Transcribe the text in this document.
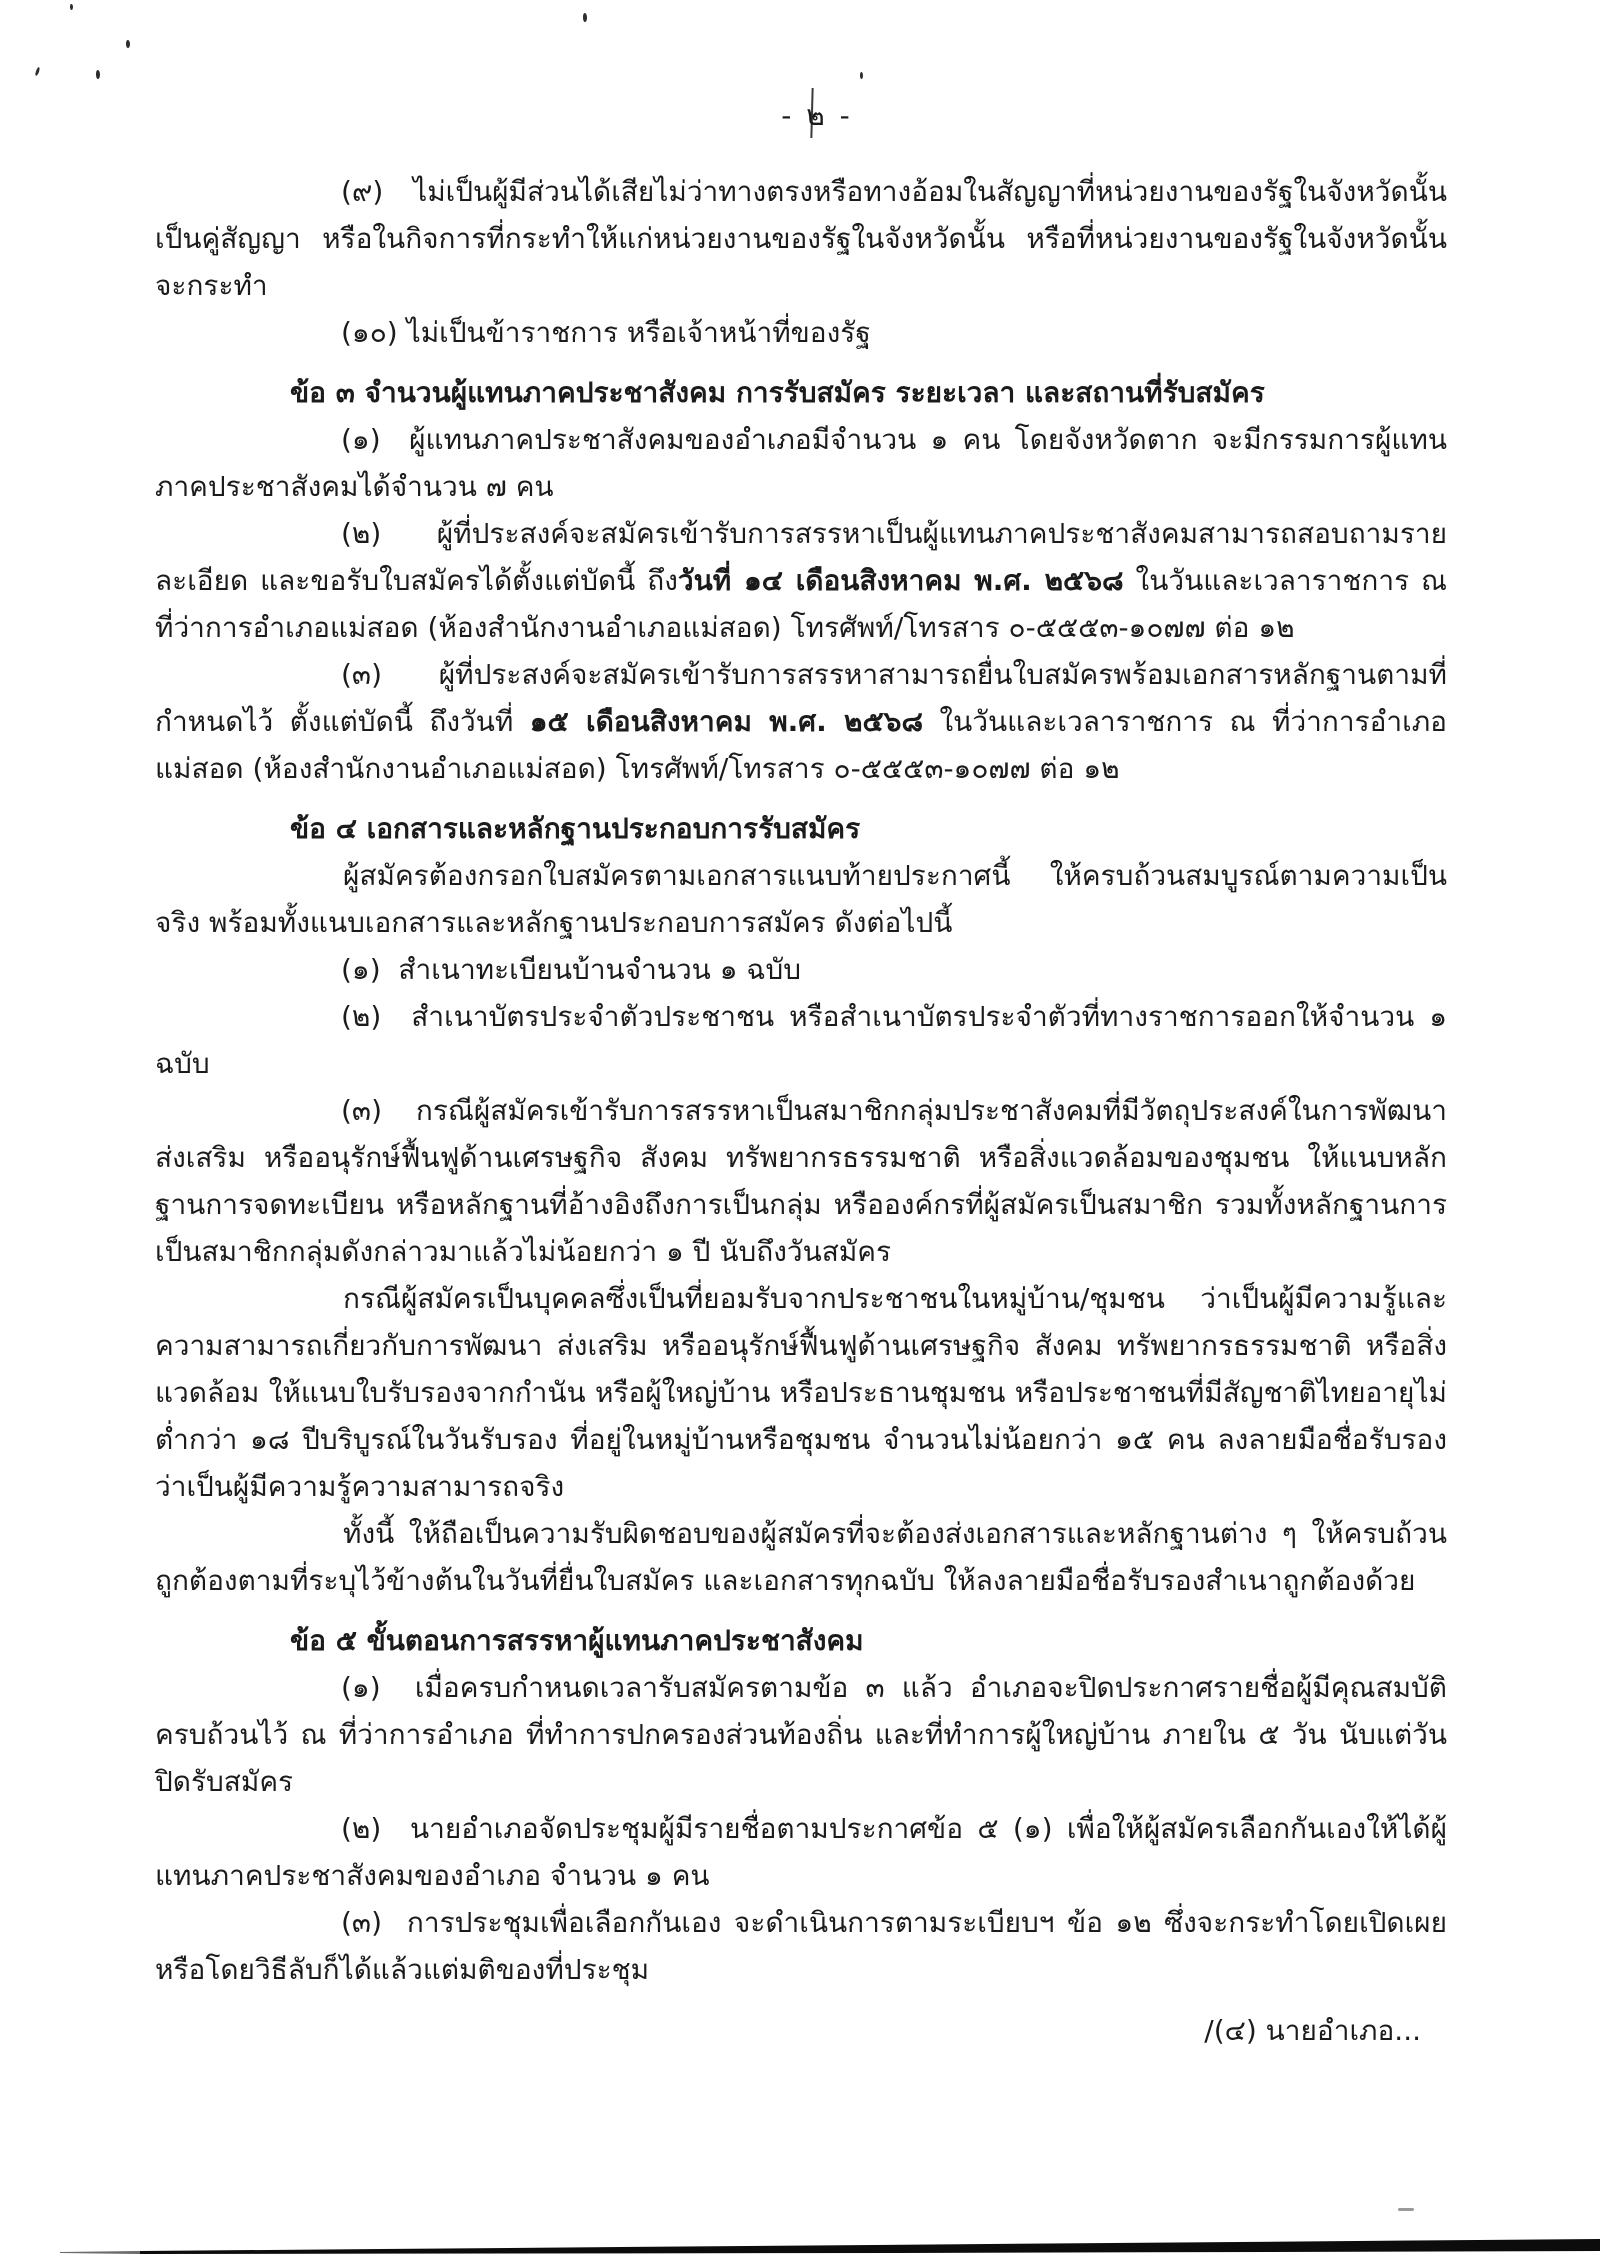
- ๒ -

(๙)  ไม่เป็นผู้มีส่วนได้เสียไม่ว่าทางตรงหรือทางอ้อมในสัญญาที่หน่วยงานของรัฐ​ในจังหวัดนั้น เป็นคู่สัญญา หรือในกิจการที่กระทำให้แก่หน่วยงานของรัฐในจังหวัดนั้น หรือที่หน่วยงานของรัฐ​ในจังหวัดนั้นจะกระทำ

(๑๐) ไม่เป็นข้าราชการ หรือเจ้าหน้าที่ของรัฐ

ข้อ ๓ จำนวนผู้แทนภาคประชาสังคม การรับสมัคร ระยะเวลา และสถานที่รับสมัคร

(๑)  ผู้แทนภาคประชาสังคมของอำเภอมีจำนวน ๑ คน โดยจังหวัดตาก จะมีกรรมการ​ผู้แทนภาคประชาสังคมได้จำนวน ๗ คน

(๒)  ผู้ที่ประสงค์จะสมัครเข้ารับการสรรหาเป็นผู้แทนภาคประชาสังคมสามารถ​สอบถามรายละเอียด และขอรับใบสมัครได้ตั้งแต่บัดนี้ ถึงวันที่ ๑๔ เดือนสิงหาคม พ.ศ. ๒๕๖๘ ในวันและ​เวลาราชการ ณ ที่ว่าการอำเภอแม่สอด (ห้องสำนักงานอำเภอแม่สอด) โทรศัพท์/โทรสาร ๐-๕๕๕๓-๑๐๗๗ ต่อ ๑๒

(๓)  ผู้ที่ประสงค์จะสมัครเข้ารับการสรรหาสามารถยื่นใบสมัครพร้อมเอกสารหลักฐาน​ตามที่กำหนดไว้ ตั้งแต่บัดนี้ ถึงวันที่ ๑๕ เดือนสิงหาคม พ.ศ. ๒๕๖๘ ในวันและเวลาราชการ ณ ที่ว่าการ​อำเภอแม่สอด (ห้องสำนักงานอำเภอแม่สอด) โทรศัพท์/โทรสาร ๐-๕๕๕๓-๑๐๗๗ ต่อ ๑๒

ข้อ ๔ เอกสารและหลักฐานประกอบการรับสมัคร

ผู้สมัครต้องกรอกใบสมัครตามเอกสารแนบท้ายประกาศนี้ ให้ครบถ้วนสมบูรณ์ตาม​ความเป็นจริง พร้อมทั้งแนบเอกสารและหลักฐานประกอบการสมัคร ดังต่อไปนี้

(๑)  สำเนาทะเบียนบ้านจำนวน ๑ ฉบับ

(๒)  สำเนาบัตรประจำตัวประชาชน หรือสำเนาบัตรประจำตัวที่ทางราชการออกให้​จำนวน ๑ ฉบับ

(๓)  กรณีผู้สมัครเข้ารับการสรรหาเป็นสมาชิกกลุ่มประชาสังคมที่มีวัตถุประสงค์ในการ​พัฒนา ส่งเสริม หรืออนุรักษ์ฟื้นฟูด้านเศรษฐกิจ สังคม ทรัพยากรธรรมชาติ หรือสิ่งแวดล้อมของชุมชน ให้แนบ​หลักฐานการจดทะเบียน หรือหลักฐานที่อ้างอิงถึงการเป็นกลุ่ม หรือองค์กรที่ผู้สมัครเป็นสมาชิก รวมทั้ง​หลักฐานการเป็นสมาชิกกลุ่มดังกล่าวมาแล้วไม่น้อยกว่า ๑ ปี นับถึงวันสมัคร

กรณีผู้สมัครเป็นบุคคลซึ่งเป็นที่ยอมรับจากประชาชนในหมู่บ้าน/ชุมชน ว่าเป็นผู้มีความรู้​และความสามารถเกี่ยวกับการพัฒนา ส่งเสริม หรืออนุรักษ์ฟื้นฟูด้านเศรษฐกิจ สังคม ทรัพยากรธรรมชาติ หรือ​สิ่งแวดล้อม ให้แนบใบรับรองจากกำนัน หรือผู้ใหญ่บ้าน หรือประธานชุมชน หรือประชาชนที่มีสัญชาติไทย​อายุไม่ต่ำกว่า ๑๘ ปีบริบูรณ์ในวันรับรอง ที่อยู่ในหมู่บ้านหรือชุมชน จำนวนไม่น้อยกว่า ๑๕ คน ลงลายมือชื่อ​รับรองว่าเป็นผู้มีความรู้ความสามารถจริง

ทั้งนี้ ให้ถือเป็นความรับผิดชอบของผู้สมัครที่จะต้องส่งเอกสารและหลักฐานต่าง ๆ ให้ครบถ้วนถูกต้องตามที่ระบุไว้ข้างต้นในวันที่ยื่นใบสมัคร และเอกสารทุกฉบับ ให้ลงลายมือชื่อรับรองสำเนา​ถูกต้องด้วย

ข้อ ๕ ขั้นตอนการสรรหาผู้แทนภาคประชาสังคม

(๑)  เมื่อครบกำหนดเวลารับสมัครตามข้อ ๓ แล้ว อำเภอจะปิดประกาศรายชื่อผู้มี​คุณสมบัติครบถ้วนไว้ ณ ที่ว่าการอำเภอ ที่ทำการปกครองส่วนท้องถิ่น และที่ทำการผู้ใหญ่บ้าน ภายใน ๕ วัน นับแต่วันปิดรับสมัคร

(๒)  นายอำเภอจัดประชุมผู้มีรายชื่อตามประกาศข้อ ๕ (๑) เพื่อให้ผู้สมัครเลือกกันเอง​ให้ได้ผู้แทนภาคประชาสังคมของอำเภอ จำนวน ๑ คน

(๓)  การประชุมเพื่อเลือกกันเอง จะดำเนินการตามระเบียบฯ ข้อ ๑๒ ซึ่งจะกระทำ​โดยเปิดเผยหรือโดยวิธีลับก็ได้แล้วแต่มติของที่ประชุม

/(๔) นายอำเภอ...
